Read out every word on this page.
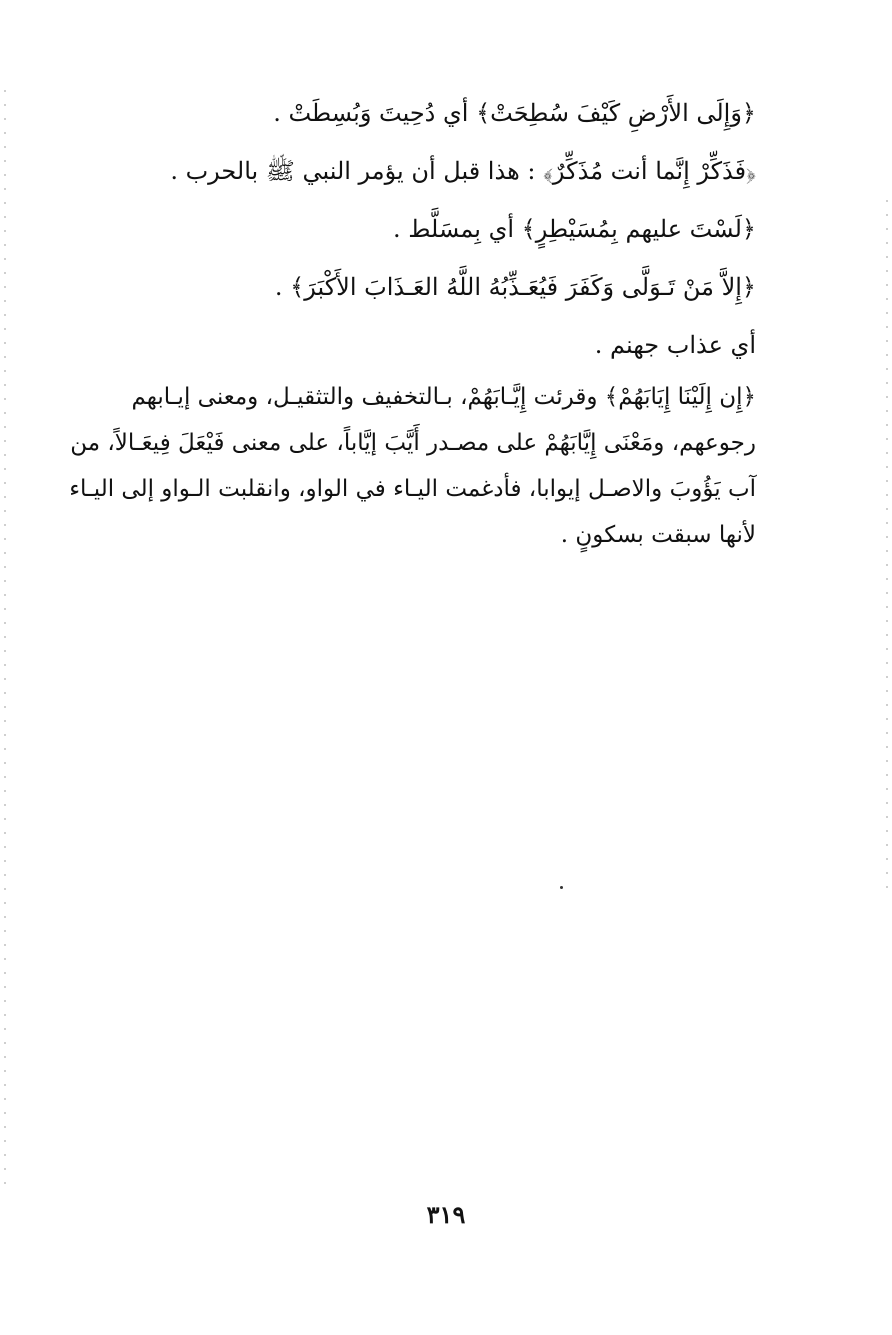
﴿وَإِلَى الأَرْضِ كَيْفَ سُطِحَتْ﴾ أي دُحِيتَ وَبُسِطَتْ .

﴿فَذَكِّرْ إِنَّما أنت مُذَكِّرٌ﴾ : هذا قبل أن يؤمر النبي ﷺ بالحرب .

﴿لَسْتَ عليهم بِمُسَيْطِرٍ﴾ أي بِمسَلَّط .

﴿إِلاَّ مَنْ تَـوَلَّى وَكَفَرَ فَيُعَـذِّبُهُ اللَّهُ العَـذَابَ الأَكْبَرَ﴾ .

أي عذاب جهنم .

﴿إِن إِلَيْنَا إِيَابَهُمْ﴾ وقرئت إِيَّـابَهُمْ، بـالتخفيف والتثقيـل، ومعنى إيـابهم
رجوعهم، ومَعْنَى إِيَّابَهُمْ على مصـدر أَيَّبَ إيَّاباً، على معنى فَيْعَلَ فِيعَـالاً، من
آب يَؤُوبَ والاصـل إيوابا، فأدغمت اليـاء في الواو، وانقلبت الـواو إلى اليـاء
لأنها سبقت بسكونٍ .
٣١٩
